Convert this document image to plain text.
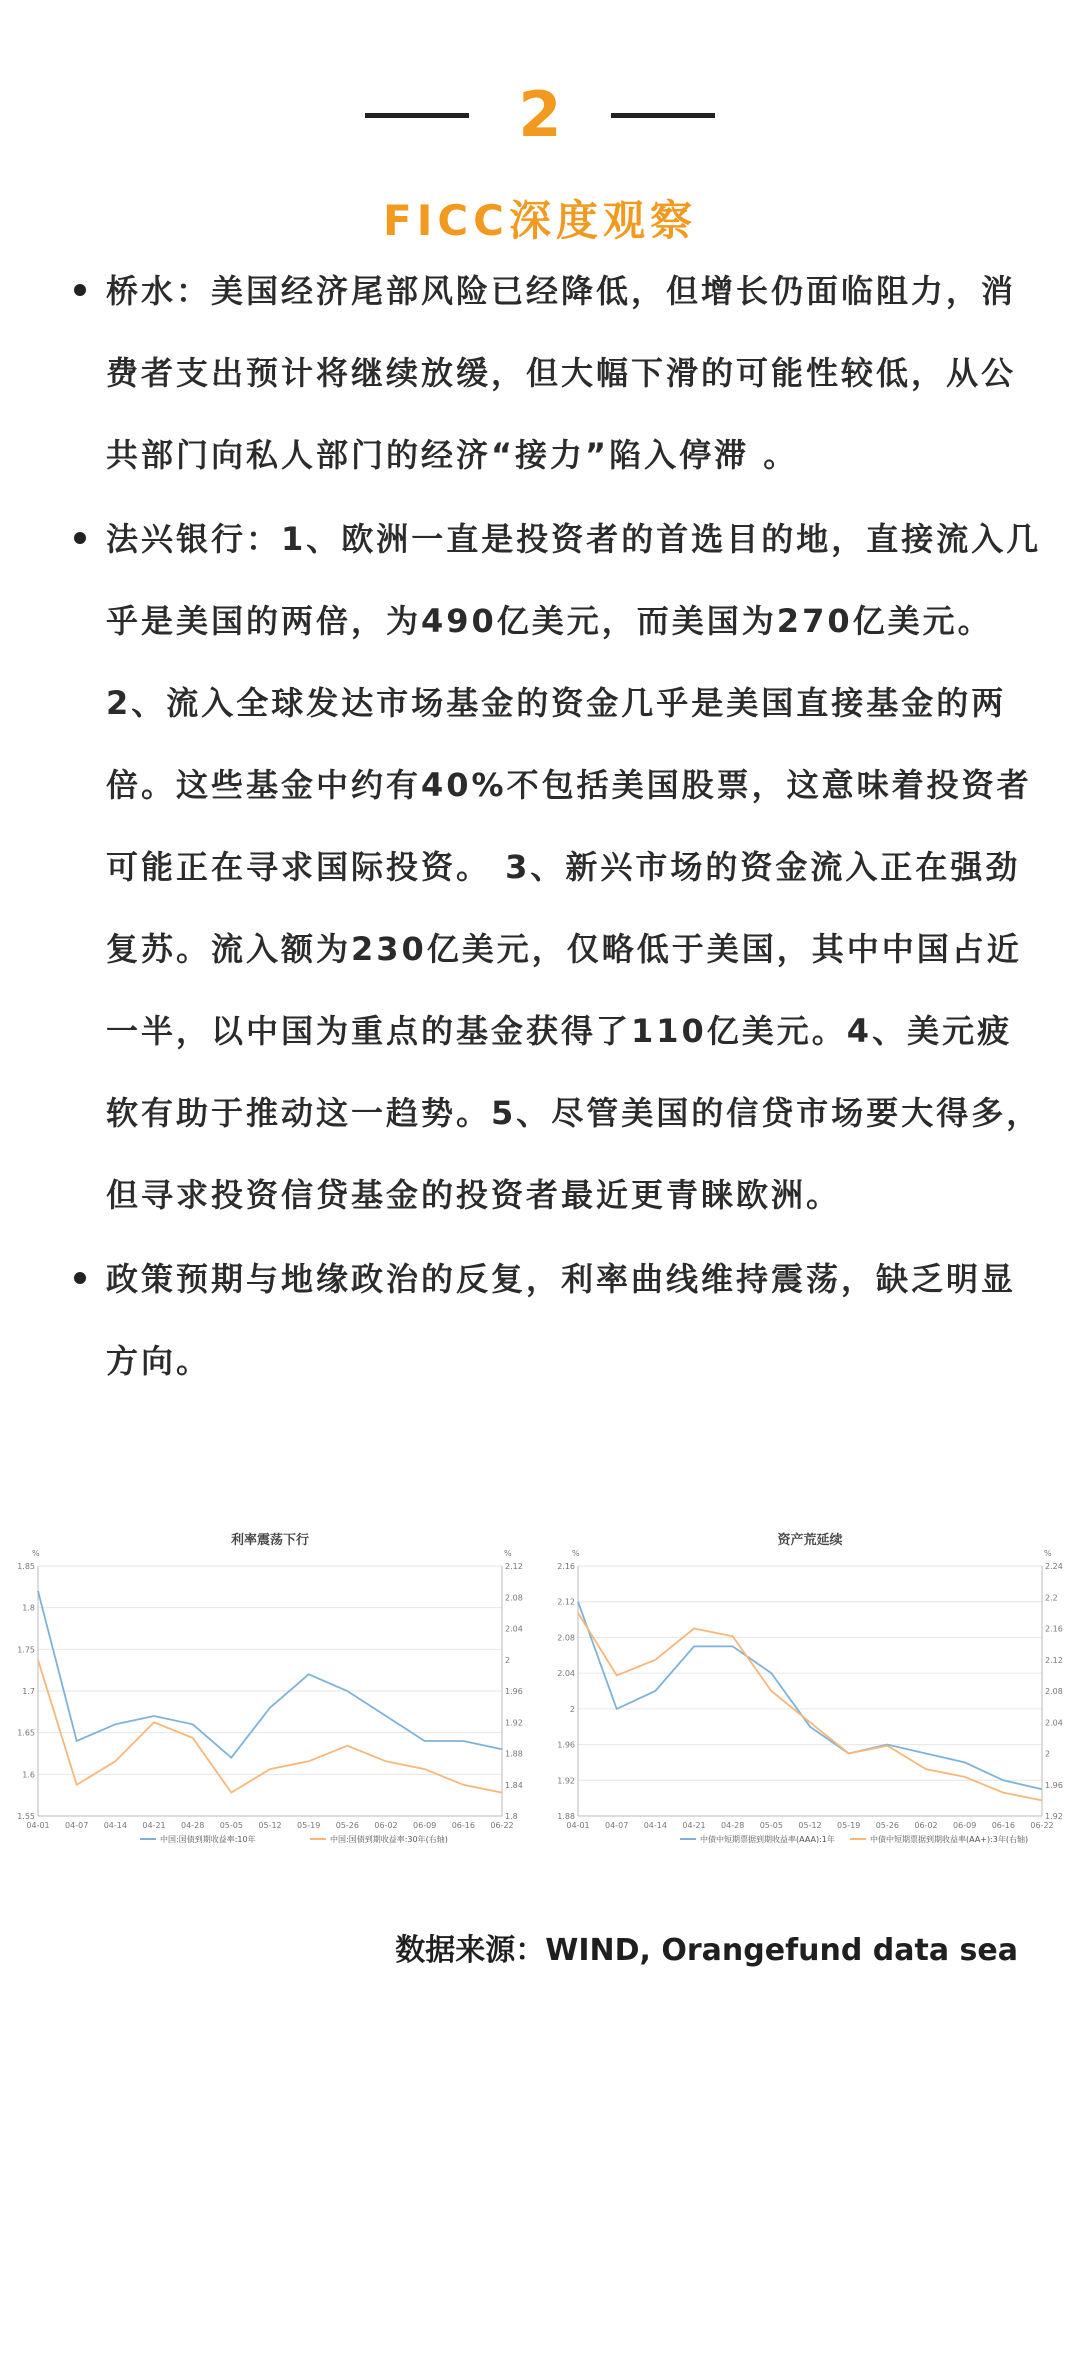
2
FICC深度观察
桥水：美国经济尾部风险已经降低，但增长仍面临阻力，消费者支出预计将继续放缓，但大幅下滑的可能性较低，从公共部门向私人部门的经济“接力”陷入停滞 。
法兴银行：1、欧洲一直是投资者的首选目的地，直接流入几乎是美国的两倍，为490亿美元，而美国为270亿美元。2、流入全球发达市场基金的资金几乎是美国直接基金的两倍。这些基金中约有40%不包括美国股票，这意味着投资者可能正在寻求国际投资。 3、新兴市场的资金流入正在强劲复苏。流入额为230亿美元，仅略低于美国，其中中国占近一半，以中国为重点的基金获得了110亿美元。4、美元疲软有助于推动这一趋势。5、尽管美国的信贷市场要大得多，但寻求投资信贷基金的投资者最近更青睐欧洲。
政策预期与地缘政治的反复，利率曲线维持震荡，缺乏明显方向。
利率震荡下行
%	%
1.55
1.6
1.65
1.7
1.75
1.8
1.85
1.8
1.84
1.88
1.92
1.96
2
2.04
2.08
2.12
04-01 04-07 04-14 04-21 04-28 05-05 05-12 05-19 05-26 06-02 06-09 06-16 06-22
中国:国债到期收益率:10年	中国:国债到期收益率:30年(右轴)
资产荒延续
%	%
1.88
1.92
1.96
2
2.04
2.08
2.12
2.16
1.92
1.96
2
2.04
2.08
2.12
2.16
2.2
2.24
04-01 04-07 04-14 04-21 04-28 05-05 05-12 05-19 05-26 06-02 06-09 06-16 06-22
中债中短期票据到期收益率(AAA):1年	中债中短期票据到期收益率(AA+):3年(右轴)
数据来源：WIND, Orangefund data sea
